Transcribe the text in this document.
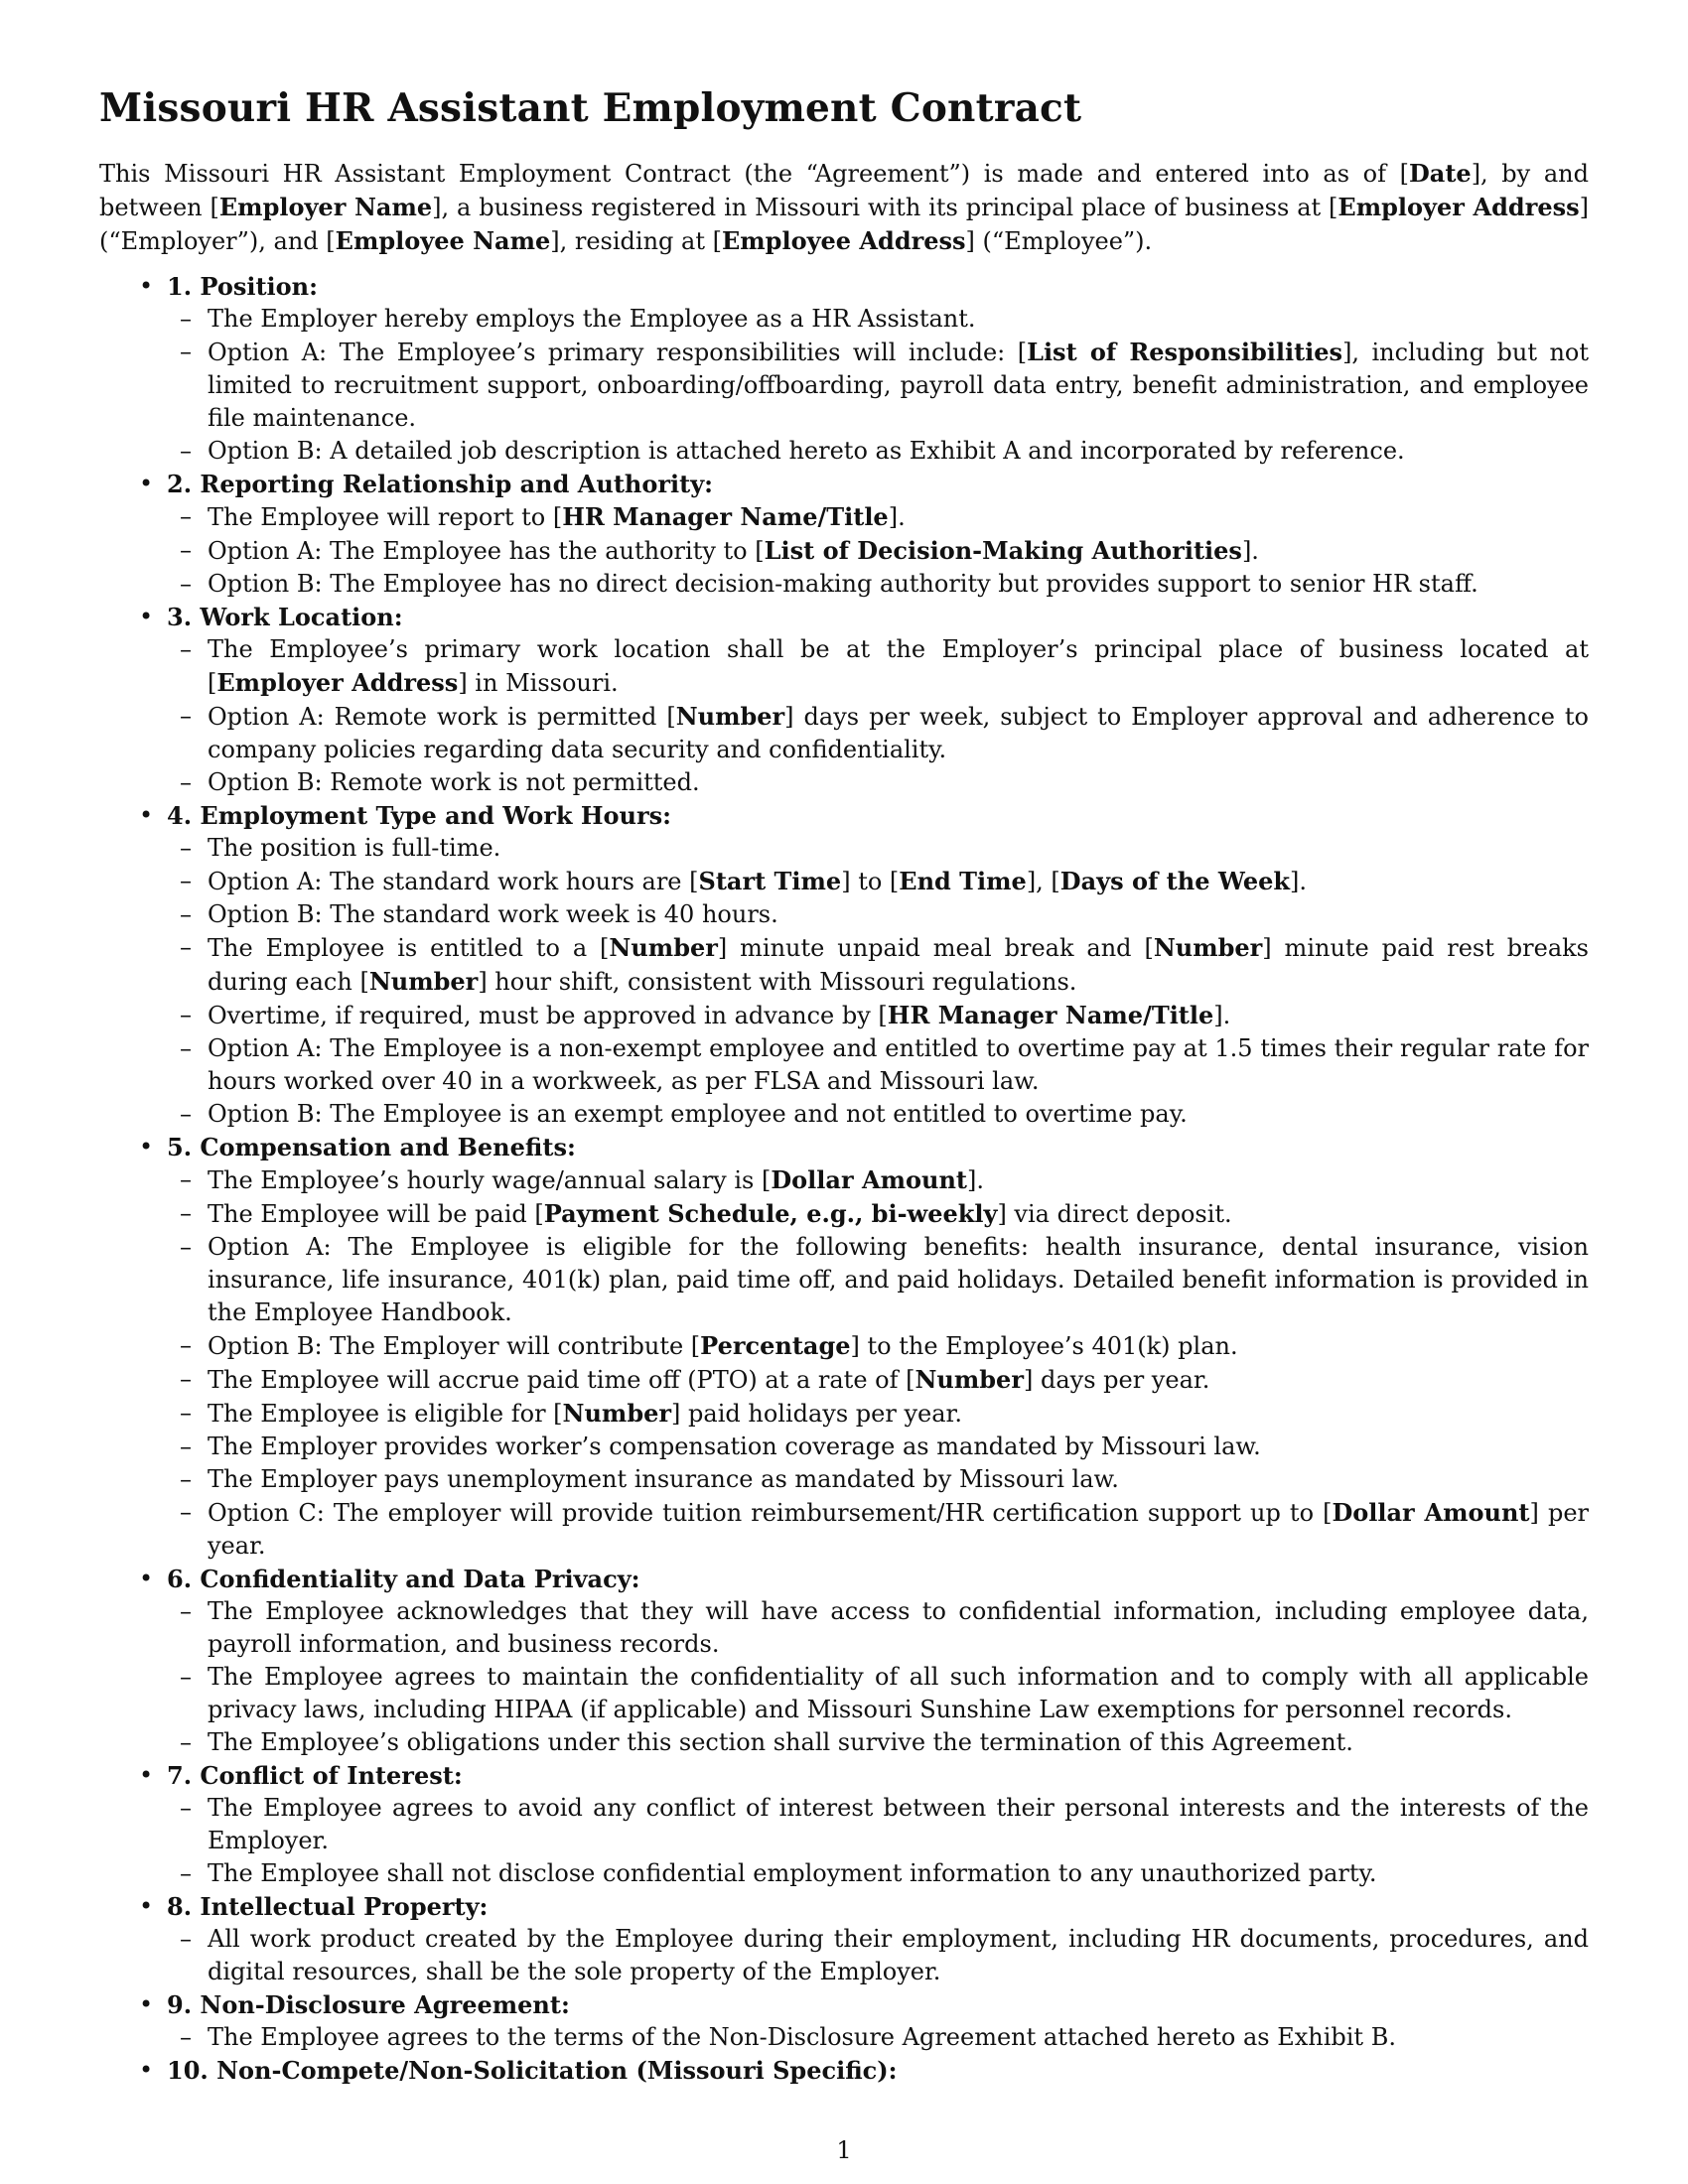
Missouri HR Assistant Employment Contract

This Missouri HR Assistant Employment Contract (the “Agreement”) is made and entered into as of [Date], by and between [Employer Name], a business registered in Missouri with its principal place of business at [Employer Address] (“Employer”), and [Employee Name], residing at [Employee Address] (“Employee”).

• 1. Position:
– The Employer hereby employs the Employee as a HR Assistant.
– Option A: The Employee’s primary responsibilities will include: [List of Responsibilities], including but not limited to recruitment support, onboarding/offboarding, payroll data entry, benefit administration, and employee file maintenance.
– Option B: A detailed job description is attached hereto as Exhibit A and incorporated by reference.
• 2. Reporting Relationship and Authority:
– The Employee will report to [HR Manager Name/Title].
– Option A: The Employee has the authority to [List of Decision-Making Authorities].
– Option B: The Employee has no direct decision-making authority but provides support to senior HR staff.
• 3. Work Location:
– The Employee’s primary work location shall be at the Employer’s principal place of business located at [Employer Address] in Missouri.
– Option A: Remote work is permitted [Number] days per week, subject to Employer approval and adherence to company policies regarding data security and confidentiality.
– Option B: Remote work is not permitted.
• 4. Employment Type and Work Hours:
– The position is full-time.
– Option A: The standard work hours are [Start Time] to [End Time], [Days of the Week].
– Option B: The standard work week is 40 hours.
– The Employee is entitled to a [Number] minute unpaid meal break and [Number] minute paid rest breaks during each [Number] hour shift, consistent with Missouri regulations.
– Overtime, if required, must be approved in advance by [HR Manager Name/Title].
– Option A: The Employee is a non-exempt employee and entitled to overtime pay at 1.5 times their regular rate for hours worked over 40 in a workweek, as per FLSA and Missouri law.
– Option B: The Employee is an exempt employee and not entitled to overtime pay.
• 5. Compensation and Benefits:
– The Employee’s hourly wage/annual salary is [Dollar Amount].
– The Employee will be paid [Payment Schedule, e.g., bi-weekly] via direct deposit.
– Option A: The Employee is eligible for the following benefits: health insurance, dental insurance, vision insurance, life insurance, 401(k) plan, paid time off, and paid holidays. Detailed benefit information is provided in the Employee Handbook.
– Option B: The Employer will contribute [Percentage] to the Employee’s 401(k) plan.
– The Employee will accrue paid time off (PTO) at a rate of [Number] days per year.
– The Employee is eligible for [Number] paid holidays per year.
– The Employer provides worker’s compensation coverage as mandated by Missouri law.
– The Employer pays unemployment insurance as mandated by Missouri law.
– Option C: The employer will provide tuition reimbursement/HR certification support up to [Dollar Amount] per year.
• 6. Confidentiality and Data Privacy:
– The Employee acknowledges that they will have access to confidential information, including employee data, payroll information, and business records.
– The Employee agrees to maintain the confidentiality of all such information and to comply with all applicable privacy laws, including HIPAA (if applicable) and Missouri Sunshine Law exemptions for personnel records.
– The Employee’s obligations under this section shall survive the termination of this Agreement.
• 7. Conflict of Interest:
– The Employee agrees to avoid any conflict of interest between their personal interests and the interests of the Employer.
– The Employee shall not disclose confidential employment information to any unauthorized party.
• 8. Intellectual Property:
– All work product created by the Employee during their employment, including HR documents, procedures, and digital resources, shall be the sole property of the Employer.
• 9. Non-Disclosure Agreement:
– The Employee agrees to the terms of the Non-Disclosure Agreement attached hereto as Exhibit B.
• 10. Non-Compete/Non-Solicitation (Missouri Specific):
1
